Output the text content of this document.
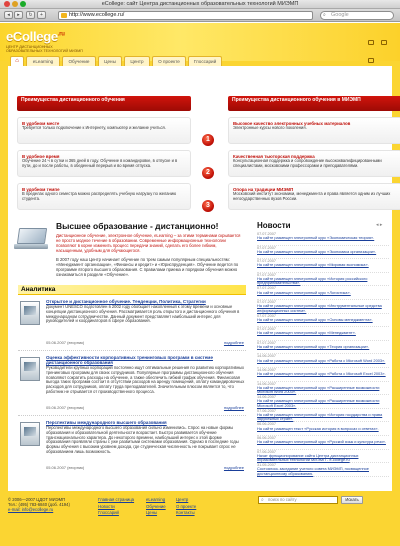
eCollege: сайт Центра дистанционных образовательных технологий МИЭМП
◂	▸	↻	+	http://www.ecollege.ru/	⌕ Google
eCollege$^{.ru}$
ЦЕНТР ДИСТАНЦИОННЫХ ОБРАЗОВАТЕЛЬНЫХ ТЕХНОЛОГИЙ МИЭМП

⌂	eLearning	Обучение	Цены	Центр	О проекте	Глоссарий
Преимущества дистанционного обучения
В удобном месте
Требуется только подключение к Интернету, компьютер и желание учиться.
В удобное время
Обучение 24 ч в сутки и 365 дней в году. Обучение в командировке, в отпуске и в пути, до и после работы, в обеденный перерыв и во время отпуска.
В удобном темпе
В пределах одного семестра можно распределять учебную нагрузку по желанию студента.
1
2
3
Преимущества дистанционного обучения в МИЭМП
Высокое качество электронных учебных материалов
Электронные курсы нового поколения.
Качественная тьюторская поддержка
Консультационная поддержка и сопровождение высококвалифицированными специалистами, московскими профессорами и преподавателями.
Опора на традиции МИЭМП
Московский институт экономики, менеджмента и права является одним из лучших негосударственных вузов России.
Высшее образование - дистанционно!
Дистанционное обучение, электронное обучение, eLearning – за этими терминами скрывается не просто модное течение в образовании. Современные информационные технологии позволяют в корне изменить процесс передачи знаний, сделать его более гибким, насыщенным, удобным для обучающегося.
В 2007 году наш Центр начинает обучение по трем самым популярным специальностям: «Менеджмент организации», «Финансы и кредит» и «Юриспруденция». Обучение ведется по программе второго высшего образования. С правилами приема и порядком обучения можно ознакомиться в разделе «Обучение».
Аналитика
Открытое и дистанционное обучение. Тенденции, Политика, Стратегии
Документ UNESCO подготовлен в 2002 году обобщает накопленный к этому времени и основные концепции дистанционного обучения. Рассматривается роль открытого и дистанционного обучения в международном сотрудничестве. Данный документ представляет наибольший интерес для руководителей и координаторов в сфере образования.
05.06.2007 (вторник)	подробнее
Оценка эффективности корпоративных тренинговых программ в системе дистанционного образования
Руководители крупных корпораций постоянно ищут оптимальные решения по развитию корпоративных тренинговых программ для своих сотрудников. Популярные программы дистанционного обучения позволяют сократить расходы на обучение, а также обеспечить гибкий график обучения. Финансовая выгода таких программ состоит в отсутствии расходов на аренду помещений, оплату командировочных расходов для сотрудников, оплату труда преподавателей. Значительным плюсом является то, что работник не отрывается от производственного процесса.
05.06.2007 (вторник)	подробнее
Перспективы международного высшего образования
Перспективы международного высшего образования сильно изменились. Спрос на новые формы образования и образовательной деятельности возрастает. Быстро развивается обучение транснационального характера. До некоторого времени, наибольший интерес к этой форме образования проявляли страны с уже развитыми системами образования. Однако в последние годы формы обучения с высоким уровнем дохода, где студенческая численность не покрывает спрос не образованием лишь возможность.
05.06.2007 (вторник)	подробнее
Новости	◂ ▸
07.07.2007
На сайте размещен электронный курс «Экономическая теория».
07.07.2007
На сайте размещен электронный курс «Экономика организации».
07.07.2007
На сайте размещен электронный курс «Мировая экономика».
07.07.2007
На сайте размещен электронный курс «История российского предпринимательства».
07.07.2007
На сайте размещен электронный курс «Логистика».
07.07.2007
На сайте размещен электронный курс «Инструментальные средства информационных систем».
07.07.2007
На сайте размещен электронный курс «Основы менеджмента».
07.07.2007
На сайте размещен электронный курс «Менеджмент».
07.07.2007
На сайте размещен электронный курс «Теория организации».
14.06.2007
На сайте размещен электронный курс «Работа с Microsoft Word 2003».
14.06.2007
На сайте размещен электронный курс «Работа с Microsoft Excel 2003».
14.06.2007
На сайте размещен электронный курс «Расширенные возможности Microsoft Word 2003».
14.06.2007
На сайте размещен электронный курс «Расширенные возможности Microsoft Excel 2003».
07.06.2007
На сайте размещен электронный курс «История государства и права зарубежных стран».
06.06.2007
На сайте размещен текст «Русская история в вопросах и ответах».
06.06.2007
На сайте размещен электронный курс «Русский язык и культура речи».
07.06.2007
Начат функционирование сайта Центра дистанционных образовательных технологий МИЭМП - e-college.ru
31.05.2007
Состоялось заседание ученого совета МИЭМП, посвященное дистанционному образованию.
© 2006—2007 ЦДОТ МИЭМП
Тел.: (495) 783-6840 (доб. 4194)
e-mail: info@ecollege.ru
Главная страница
Новости
Глоссарий
eLearning
Обучение
Цены
Центр
О проекте
Контакты
⌕ поиск по сайту	Искать
